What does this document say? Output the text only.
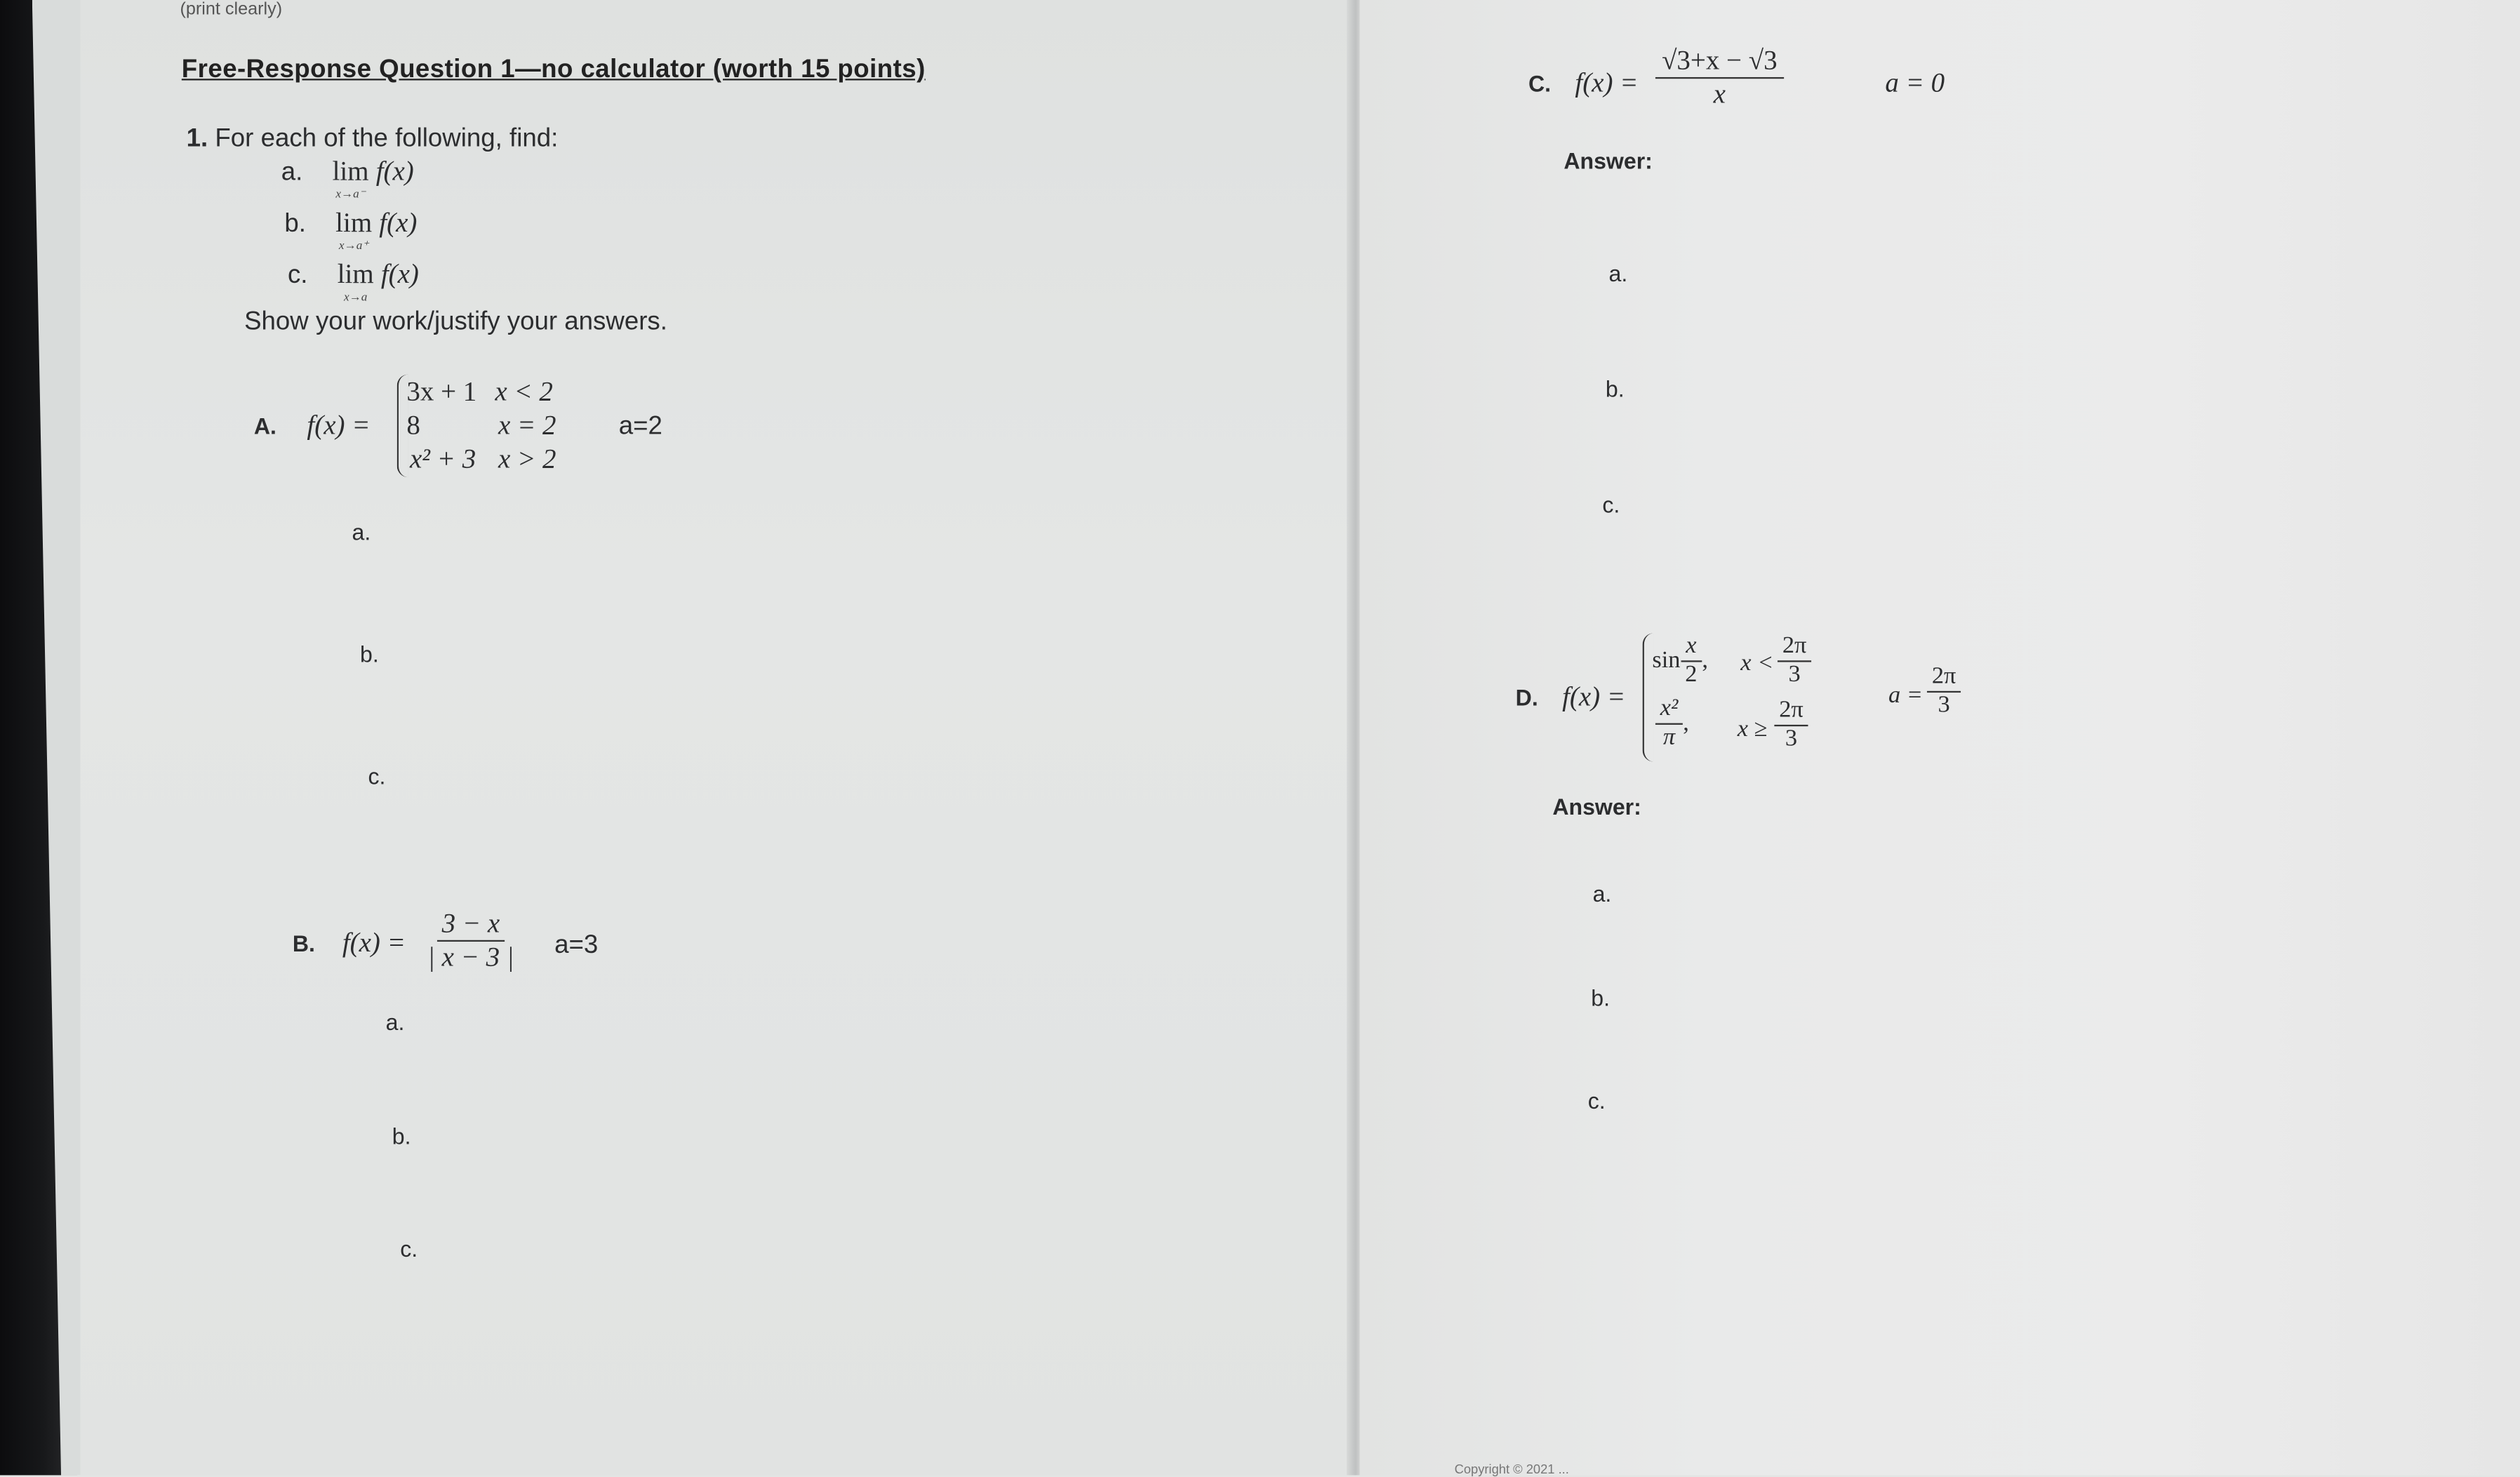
(print clearly)
Free-Response Question 1—no calculator (worth 15 points)
1. For each of the following, find:
a. lim
x→a⁻
f(x)
b. lim
x→a⁺
f(x)
c. lim
x→a
f(x)
Show your work/justify your answers.
A.	f(x) =
3x + 1 x < 2
8	x = 2
x² + 3 x > 2
a=2
a.
b.
c.
B. $f(x) = \frac{3 - x}{| x - 3 |}$	a=3
a.
b.
c.
C. $f(x) = \frac{√3+x - √3}{x}$	a = 0
Answer:
a.
b.
c.
D. f(x) =
$\sin \frac{x}{2}$ ,	$x < \frac{2\pi}{3}$
$\frac{\text{x²}}{\pi}$ ,	$x \ge \frac{2\pi}{3}$
$a = \frac{2\pi}{3}$
Answer:
a.
b.
c.
Copyright © 2021 ...
